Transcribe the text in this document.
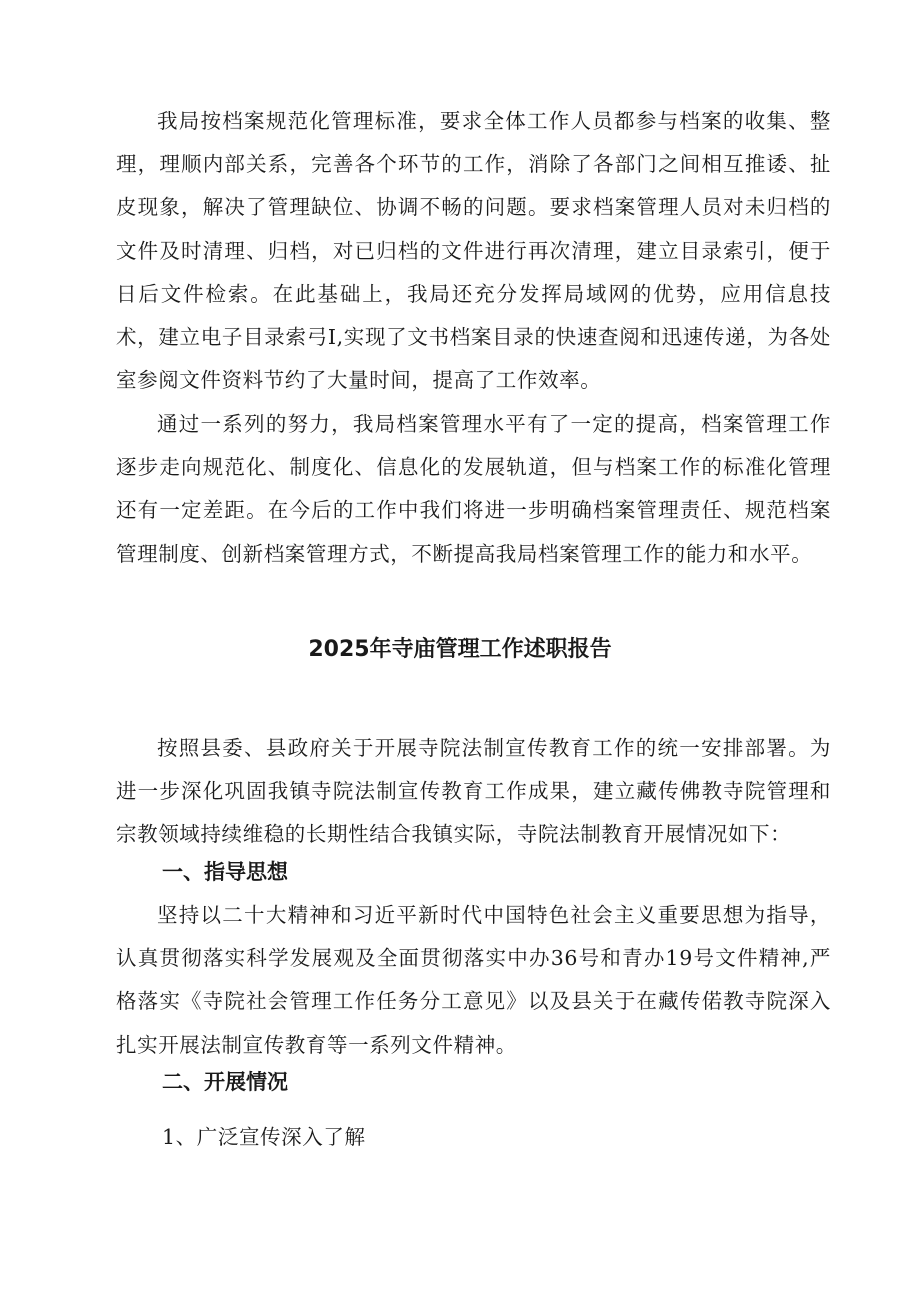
我局按档案规范化管理标准，要求全体工作人员都参与档案的收集、整理，理顺内部关系，完善各个环节的工作，消除了各部门之间相互推诿、扯皮现象，解决了管理缺位、协调不畅的问题。要求档案管理人员对未归档的文件及时清理、归档，对已归档的文件进行再次清理，建立目录索引，便于日后文件检索。在此基础上，我局还充分发挥局域网的优势，应用信息技术，建立电子目录索弓I,实现了文书档案目录的快速查阅和迅速传递，为各处室参阅文件资料节约了大量时间，提高了工作效率。

通过一系列的努力，我局档案管理水平有了一定的提高，档案管理工作逐步走向规范化、制度化、信息化的发展轨道，但与档案工作的标准化管理还有一定差距。在今后的工作中我们将进一步明确档案管理责任、规范档案管理制度、创新档案管理方式，不断提高我局档案管理工作的能力和水平。

2025年寺庙管理工作述职报告

按照县委、县政府关于开展寺院法制宣传教育工作的统一安排部署。为进一步深化巩固我镇寺院法制宣传教育工作成果，建立藏传佛教寺院管理和宗教领域持续维稳的长期性结合我镇实际，寺院法制教育开展情况如下：

一、指导思想

坚持以二十大精神和习近平新时代中国特色社会主义重要思想为指导，认真贯彻落实科学发展观及全面贯彻落实中办36号和青办19号文件精神,严格落实《寺院社会管理工作任务分工意见》以及县关于在藏传偌教寺院深入扎实开展法制宣传教育等一系列文件精神。

二、开展情况

1、广泛宣传深入了解
